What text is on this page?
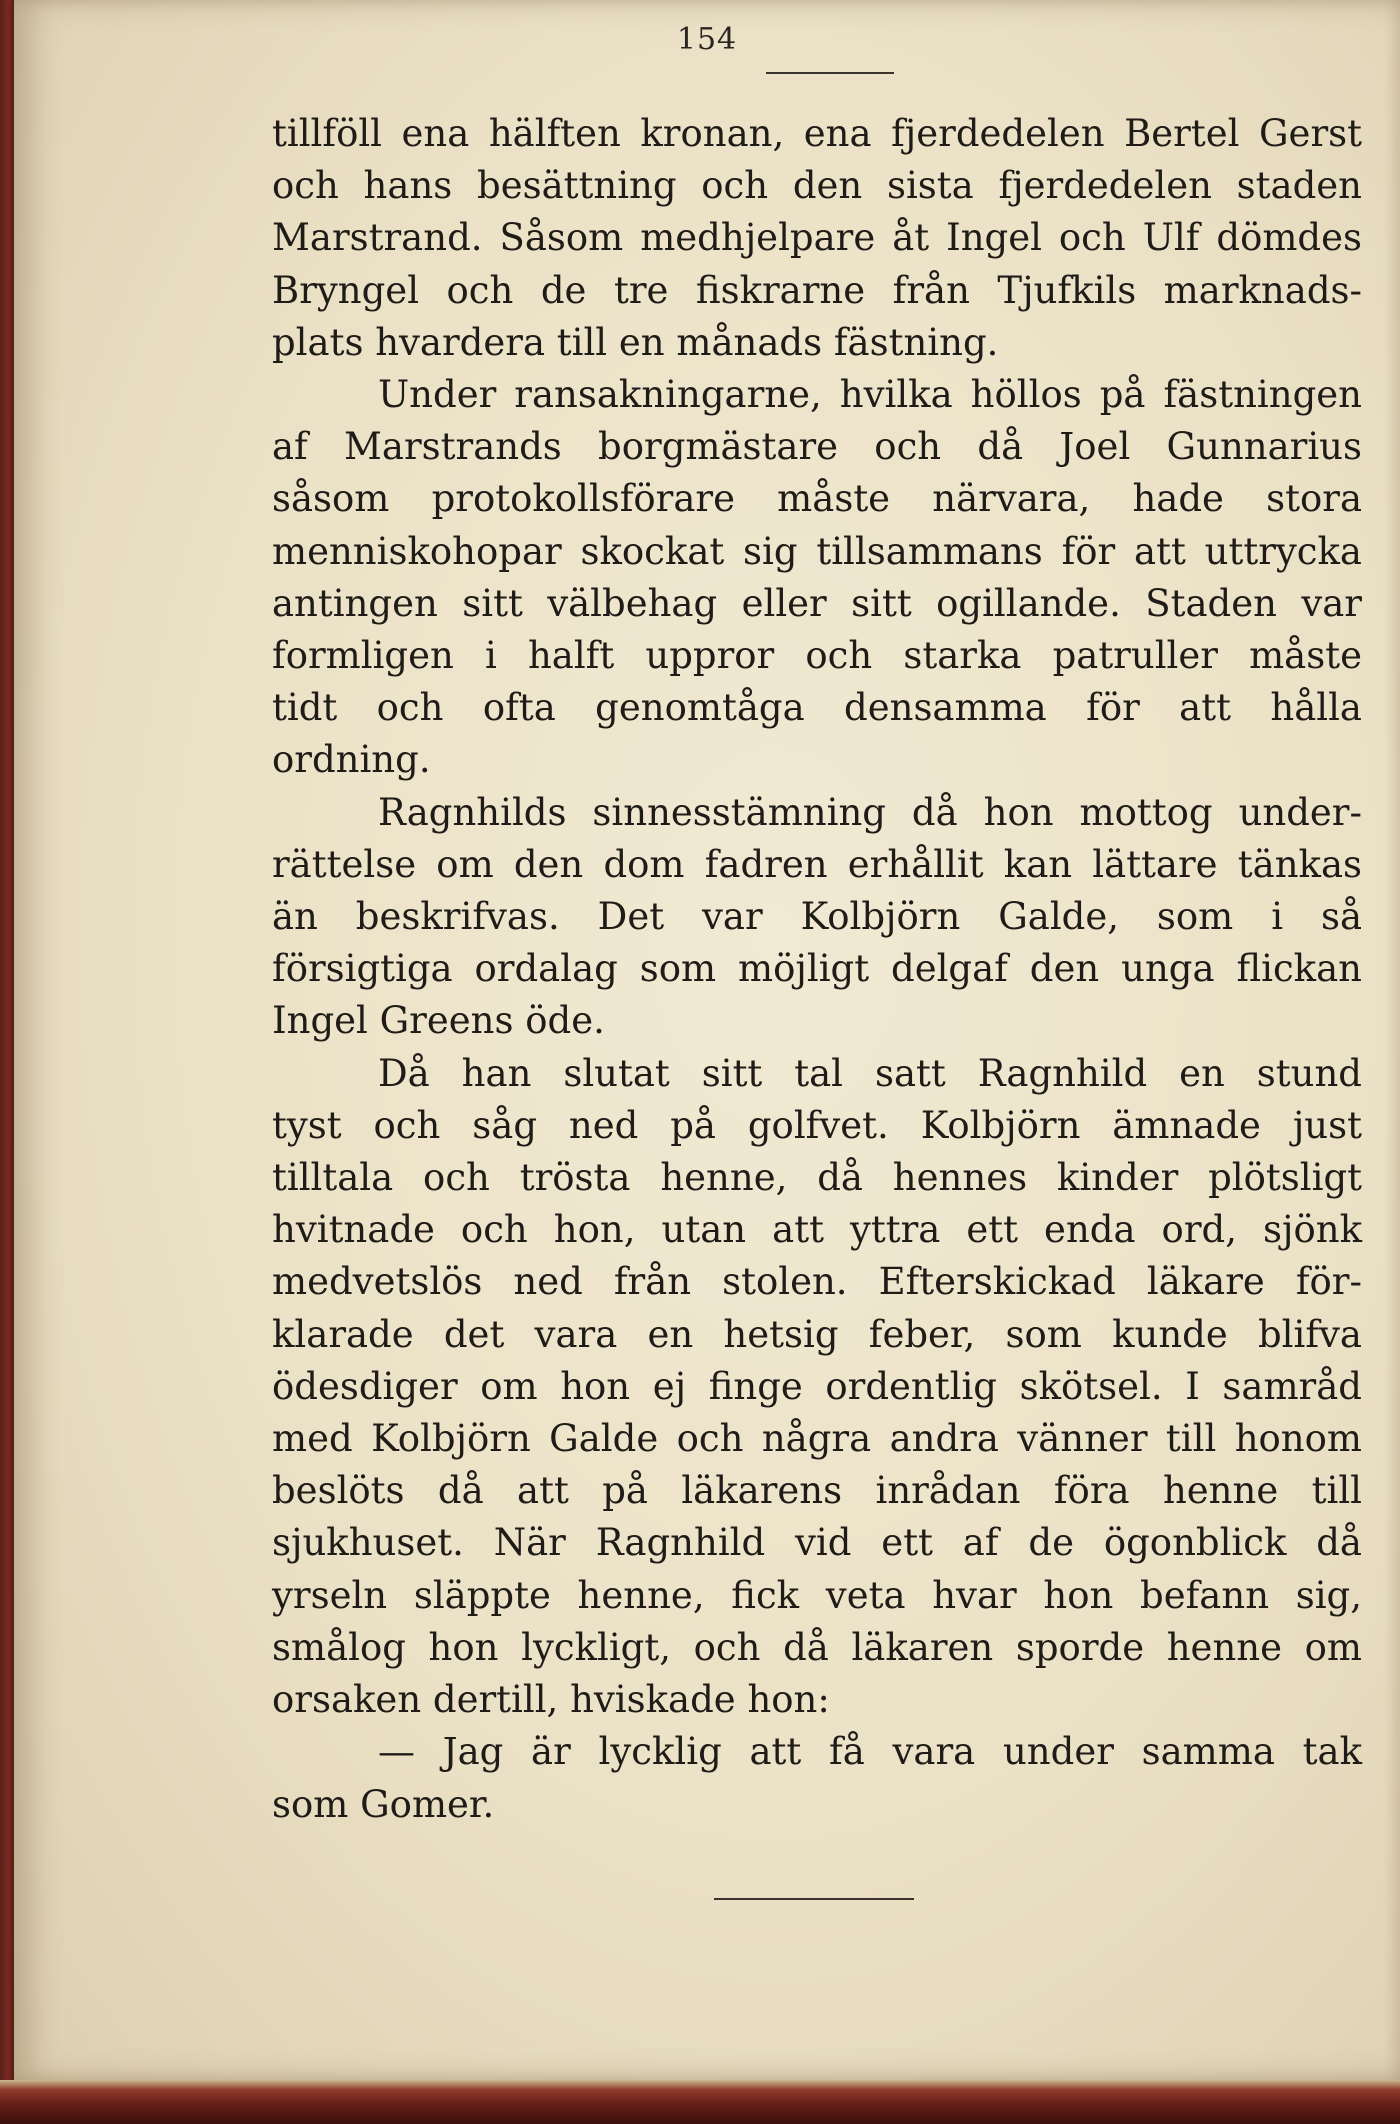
154

tillföll ena hälften kronan, ena fjerdedelen Bertel Gerst
och hans besättning och den sista fjerdedelen staden
Marstrand. Såsom medhjelpare åt Ingel och Ulf dömdes
Bryngel och de tre fiskrarne från Tjufkils marknads-
plats hvardera till en månads fästning.

Under ransakningarne, hvilka höllos på fästningen
af Marstrands borgmästare och då Joel Gunnarius
såsom protokollsförare måste närvara, hade stora
menniskohopar skockat sig tillsammans för att uttrycka
antingen sitt välbehag eller sitt ogillande. Staden var
formligen i halft uppror och starka patruller måste
tidt och ofta genomtåga densamma för att hålla
ordning.

Ragnhilds sinnesstämning då hon mottog under-
rättelse om den dom fadren erhållit kan lättare tänkas
än beskrifvas. Det var Kolbjörn Galde, som i så
försigtiga ordalag som möjligt delgaf den unga flickan
Ingel Greens öde.

Då han slutat sitt tal satt Ragnhild en stund
tyst och såg ned på golfvet. Kolbjörn ämnade just
tilltala och trösta henne, då hennes kinder plötsligt
hvitnade och hon, utan att yttra ett enda ord, sjönk
medvetslös ned från stolen. Efterskickad läkare för-
klarade det vara en hetsig feber, som kunde blifva
ödesdiger om hon ej finge ordentlig skötsel. I samråd
med Kolbjörn Galde och några andra vänner till honom
beslöts då att på läkarens inrådan föra henne till
sjukhuset. När Ragnhild vid ett af de ögonblick då
yrseln släppte henne, fick veta hvar hon befann sig,
smålog hon lyckligt, och då läkaren sporde henne om
orsaken dertill, hviskade hon:

— Jag är lycklig att få vara under samma tak
som Gomer.
